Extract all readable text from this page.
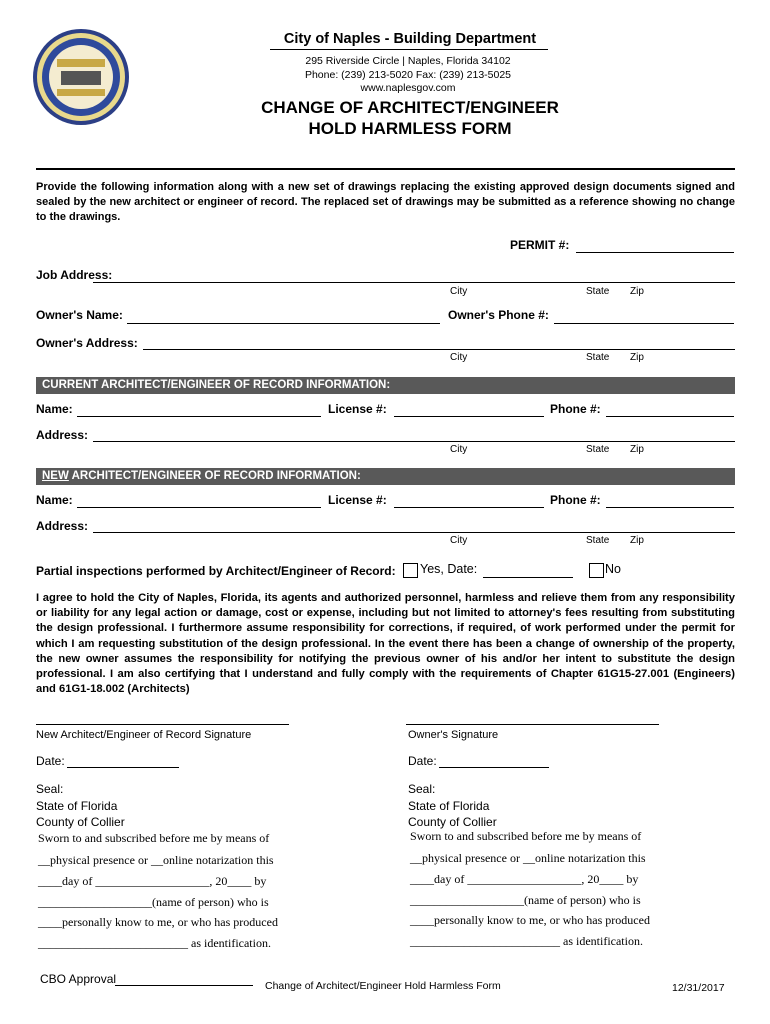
City of Naples - Building Department
295 Riverside Circle | Naples, Florida 34102
Phone: (239) 213-5020 Fax: (239) 213-5025
www.naplesgov.com
CHANGE OF ARCHITECT/ENGINEER
HOLD HARMLESS FORM
Provide the following information along with a new set of drawings replacing the existing approved design documents signed and sealed by the new architect or engineer of record. The replaced set of drawings may be submitted as a reference showing no change to the drawings.
PERMIT #:
Job Address:
City	State Zip
Owner's Name:	Owner's Phone #:
Owner's Address:
City	State Zip
CURRENT ARCHITECT/ENGINEER OF RECORD INFORMATION:
Name:	License #:	Phone #:
Address:
City	State Zip
NEW ARCHITECT/ENGINEER OF RECORD INFORMATION:
Name:	License #:	Phone #:
Address:
City	State Zip
Partial inspections performed by Architect/Engineer of Record: Yes, Date:	No
I agree to hold the City of Naples, Florida, its agents and authorized personnel, harmless and relieve them from any responsibility or liability for any legal action or damage, cost or expense, including but not limited to attorney's fees resulting from substituting the design professional. I furthermore assume responsibility for corrections, if required, of work performed under the permit for which I am requesting substitution of the design professional. In the event there has been a change of ownership of the property, the new owner assumes the responsibility for notifying the previous owner of his and/or her intent to substitute the design professional. I am also certifying that I understand and fully comply with the requirements of Chapter 61G15-27.001 (Engineers) and 61G1-18.002 (Architects)
New Architect/Engineer of Record Signature	Owner's Signature
Date:	Date:
Seal:
State of Florida
County of Collier
Sworn to and subscribed before me by means of
__physical presence or __online notarization this
____day of ___________________, 20____ by
___________________(name of person) who is
____personally know to me, or who has produced
_________________________ as identification.
Seal:
State of Florida
County of Collier
Sworn to and subscribed before me by means of
__physical presence or __online notarization this
____day of ___________________, 20____ by
___________________(name of person) who is
____personally know to me, or who has produced
_________________________ as identification.
CBO Approval	Change of Architect/Engineer Hold Harmless Form	12/31/2017
